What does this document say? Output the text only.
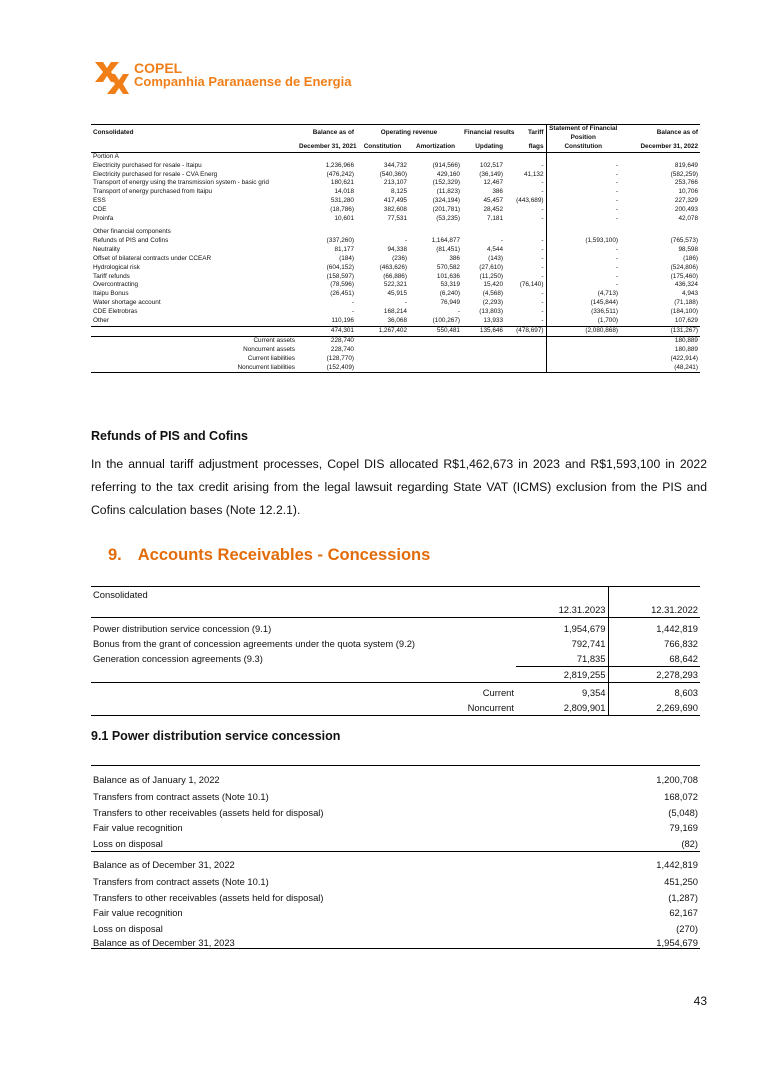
COPEL
Companhia Paranaense de Energia
Consolidated	Balance as of	Operating revenue		Financial results	Tariff	Statement of Financial Position	Balance as of
	December 31, 2021	Constitution	Amortization	Updating	flags	Constitution	December 31, 2022
Portion A							
Electricity purchased for resale - Itaipu	1,236,966	344,732	(914,566)	102,517	-	-	819,649
Electricity purchased for resale - CVA Energ	(476,242)	(540,360)	429,160	(36,149)	41,132	-	(582,259)
Transport of energy using the transmission system - basic grid	180,621	213,107	(152,329)	12,467	-	-	253,766
Transport of energy purchased from Itaipu	14,018	8,125	(11,823)	386	-	-	10,706
ESS	531,280	417,495	(324,194)	45,457	(443,689)	-	227,329
CDE	(18,786)	382,608	(201,781)	28,452	-	-	200,493
Proinfa	10,601	77,531	(53,235)	7,181	-	-	42,078

Other financial components							
Refunds of PIS and Cofins	(337,260)	-	1,164,877	-	-	(1,593,100)	(765,573)
Neutrality	81,177	94,338	(81,451)	4,544	-	-	98,598
Offset of bilateral contracts under CCEAR	(184)	(236)	386	(143)	-	-	(186)
Hydrological risk	(604,152)	(463,626)	570,582	(27,610)	-	-	(524,806)
Tariff refunds	(158,597)	(66,886)	101,636	(11,250)	-	-	(175,460)
Overcontracting	(78,596)	522,321	53,319	15,420	(76,140)	-	436,324
Itaipu Bonus	(26,451)	45,915	(6,240)	(4,568)	-	(4,713)	4,943
Water shortage account	-	-	76,949	(2,293)	-	(145,844)	(71,188)
CDE Eletrobras	-	168,214	-	(13,803)	-	(336,511)	(184,100)
Other	110,196	36,068	(100,267)	13,933	-	(1,700)	107,629
	474,301	1,267,402	550,481	135,646	(478,697)	(2,080,868)	(131,267)
Current assets	228,740						180,889
Noncurrent assets	228,740						180,889
Current liabilities	(128,770)						(422,914)
Noncurrent liabilities	(152,409)						(48,241)
Refunds of PIS and Cofins
In the annual tariff adjustment processes, Copel DIS allocated R$1,462,673 in 2023 and R$1,593,100 in 2022 referring to the tax credit arising from the legal lawsuit regarding State VAT (ICMS) exclusion from the PIS and Cofins calculation bases (Note 12.2.1).
9. Accounts Receivables - Concessions
Consolidated		
	12.31.2023	12.31.2022
Power distribution service concession (9.1)	1,954,679	1,442,819
Bonus from the grant of concession agreements under the quota system (9.2)	792,741	766,832
Generation concession agreements (9.3)	71,835	68,642
	2,819,255	2,278,293
Current	9,354	8,603
Noncurrent	2,809,901	2,269,690
9.1 Power distribution service concession
Balance as of January 1, 2022	1,200,708
Transfers from contract assets (Note 10.1)	168,072
Transfers to other receivables (assets held for disposal)	(5,048)
Fair value recognition	79,169
Loss on disposal	(82)
Balance as of December 31, 2022	1,442,819
Transfers from contract assets (Note 10.1)	451,250
Transfers to other receivables (assets held for disposal)	(1,287)
Fair value recognition	62,167
Loss on disposal	(270)
Balance as of December 31, 2023	1,954,679
43
